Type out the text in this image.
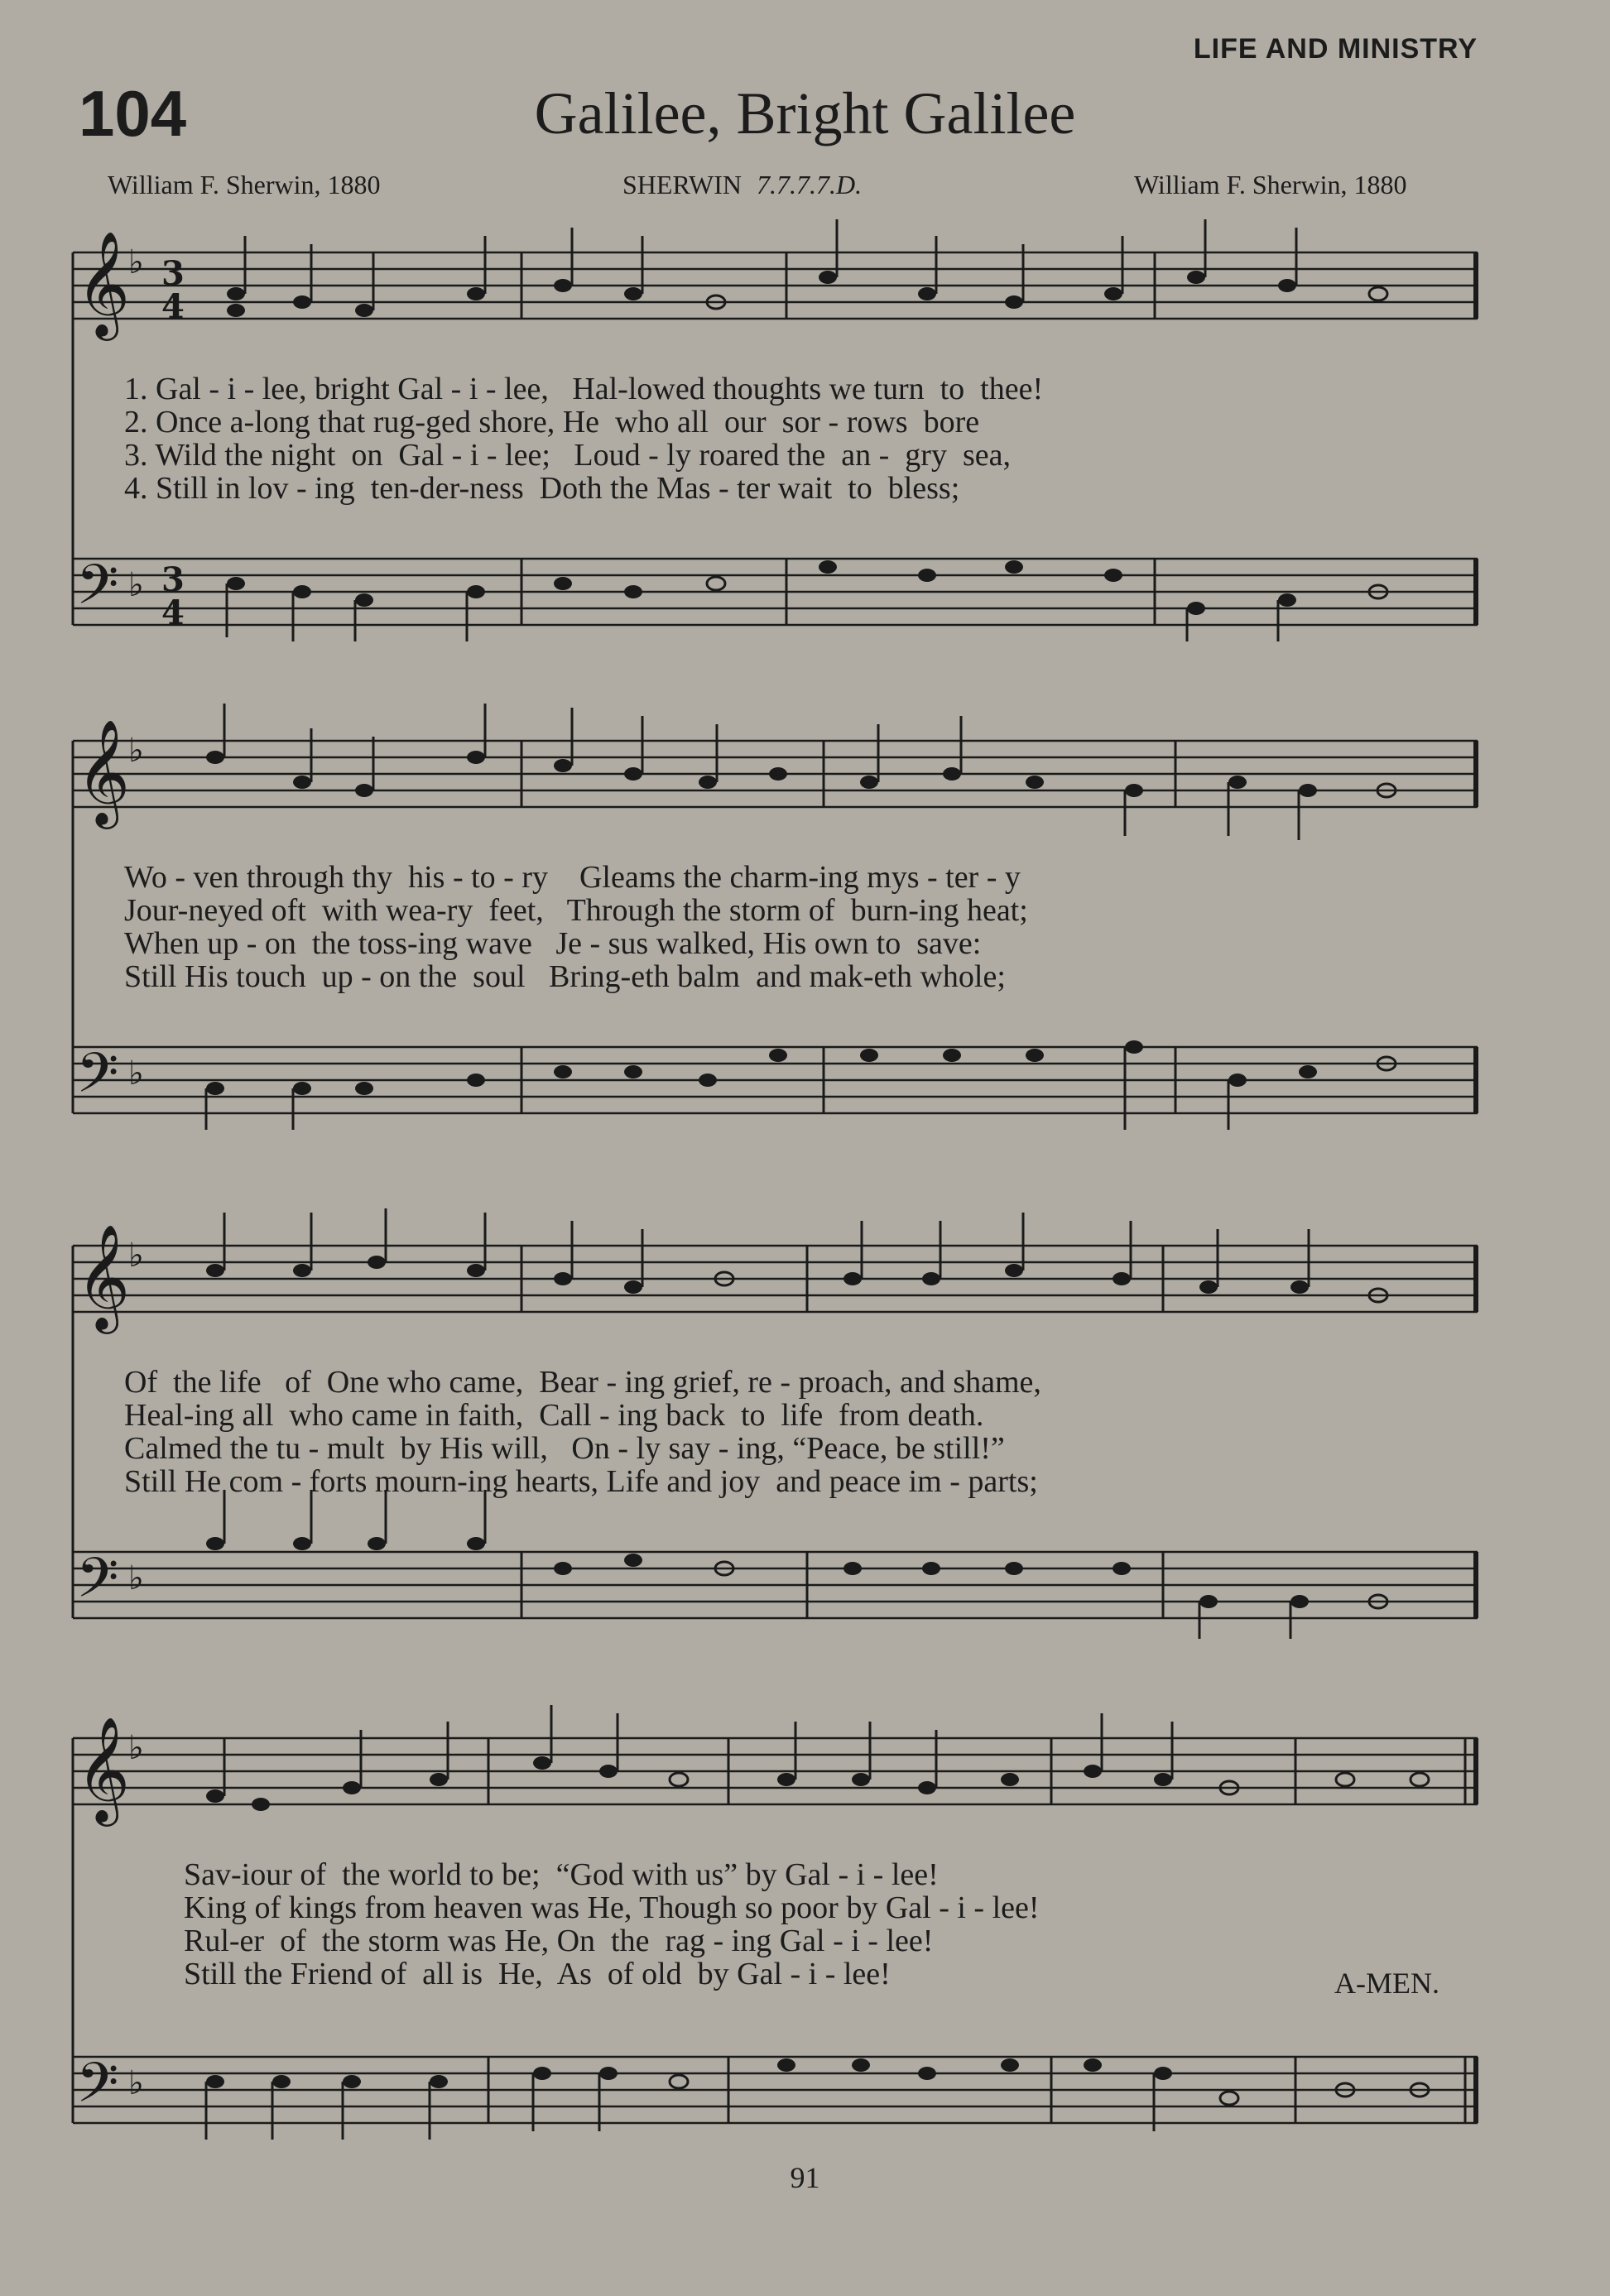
LIFE AND MINISTRY
104	Galilee, Bright Galilee
William F. Sherwin, 1880	SHERWIN 7.7.7.7.D.	William F. Sherwin, 1880
𝄞
𝄢
♭
♭
3
4
3
4
1. Gal - i - lee, bright Gal - i - lee,   Hal-lowed thoughts we turn  to  thee!
2. Once a-long that rug-ged shore, He  who all  our  sor - rows  bore
3. Wild the night  on  Gal - i - lee;   Loud - ly roared the  an -  gry  sea,
4. Still in lov - ing  ten-der-ness  Doth the Mas - ter wait  to  bless;
𝄞
𝄢
♭
♭
Wo - ven through thy  his - to - ry    Gleams the charm-ing mys - ter - y
Jour-neyed oft  with wea-ry  feet,   Through the storm of  burn-ing heat;
When up - on  the toss-ing wave   Je - sus walked, His own to  save:
Still His touch  up - on the  soul   Bring-eth balm  and mak-eth whole;
𝄞
𝄢
♭
♭
Of  the life   of  One who came,  Bear - ing grief, re - proach, and shame,
Heal-ing all  who came in faith,  Call - ing back  to  life  from death.
Calmed the tu - mult  by His will,   On - ly say - ing, “Peace, be still!”
Still He com - forts mourn-ing hearts, Life and joy  and peace im - parts;
𝄞
𝄢
♭
♭
Sav-iour of  the world to be;  “God with us” by Gal - i - lee!
King of kings from heaven was He, Though so poor by Gal - i - lee!
Rul-er  of  the storm was He, On  the  rag - ing Gal - i - lee!
Still the Friend of  all is  He,  As  of old  by Gal - i - lee!	A-MEN.
91
